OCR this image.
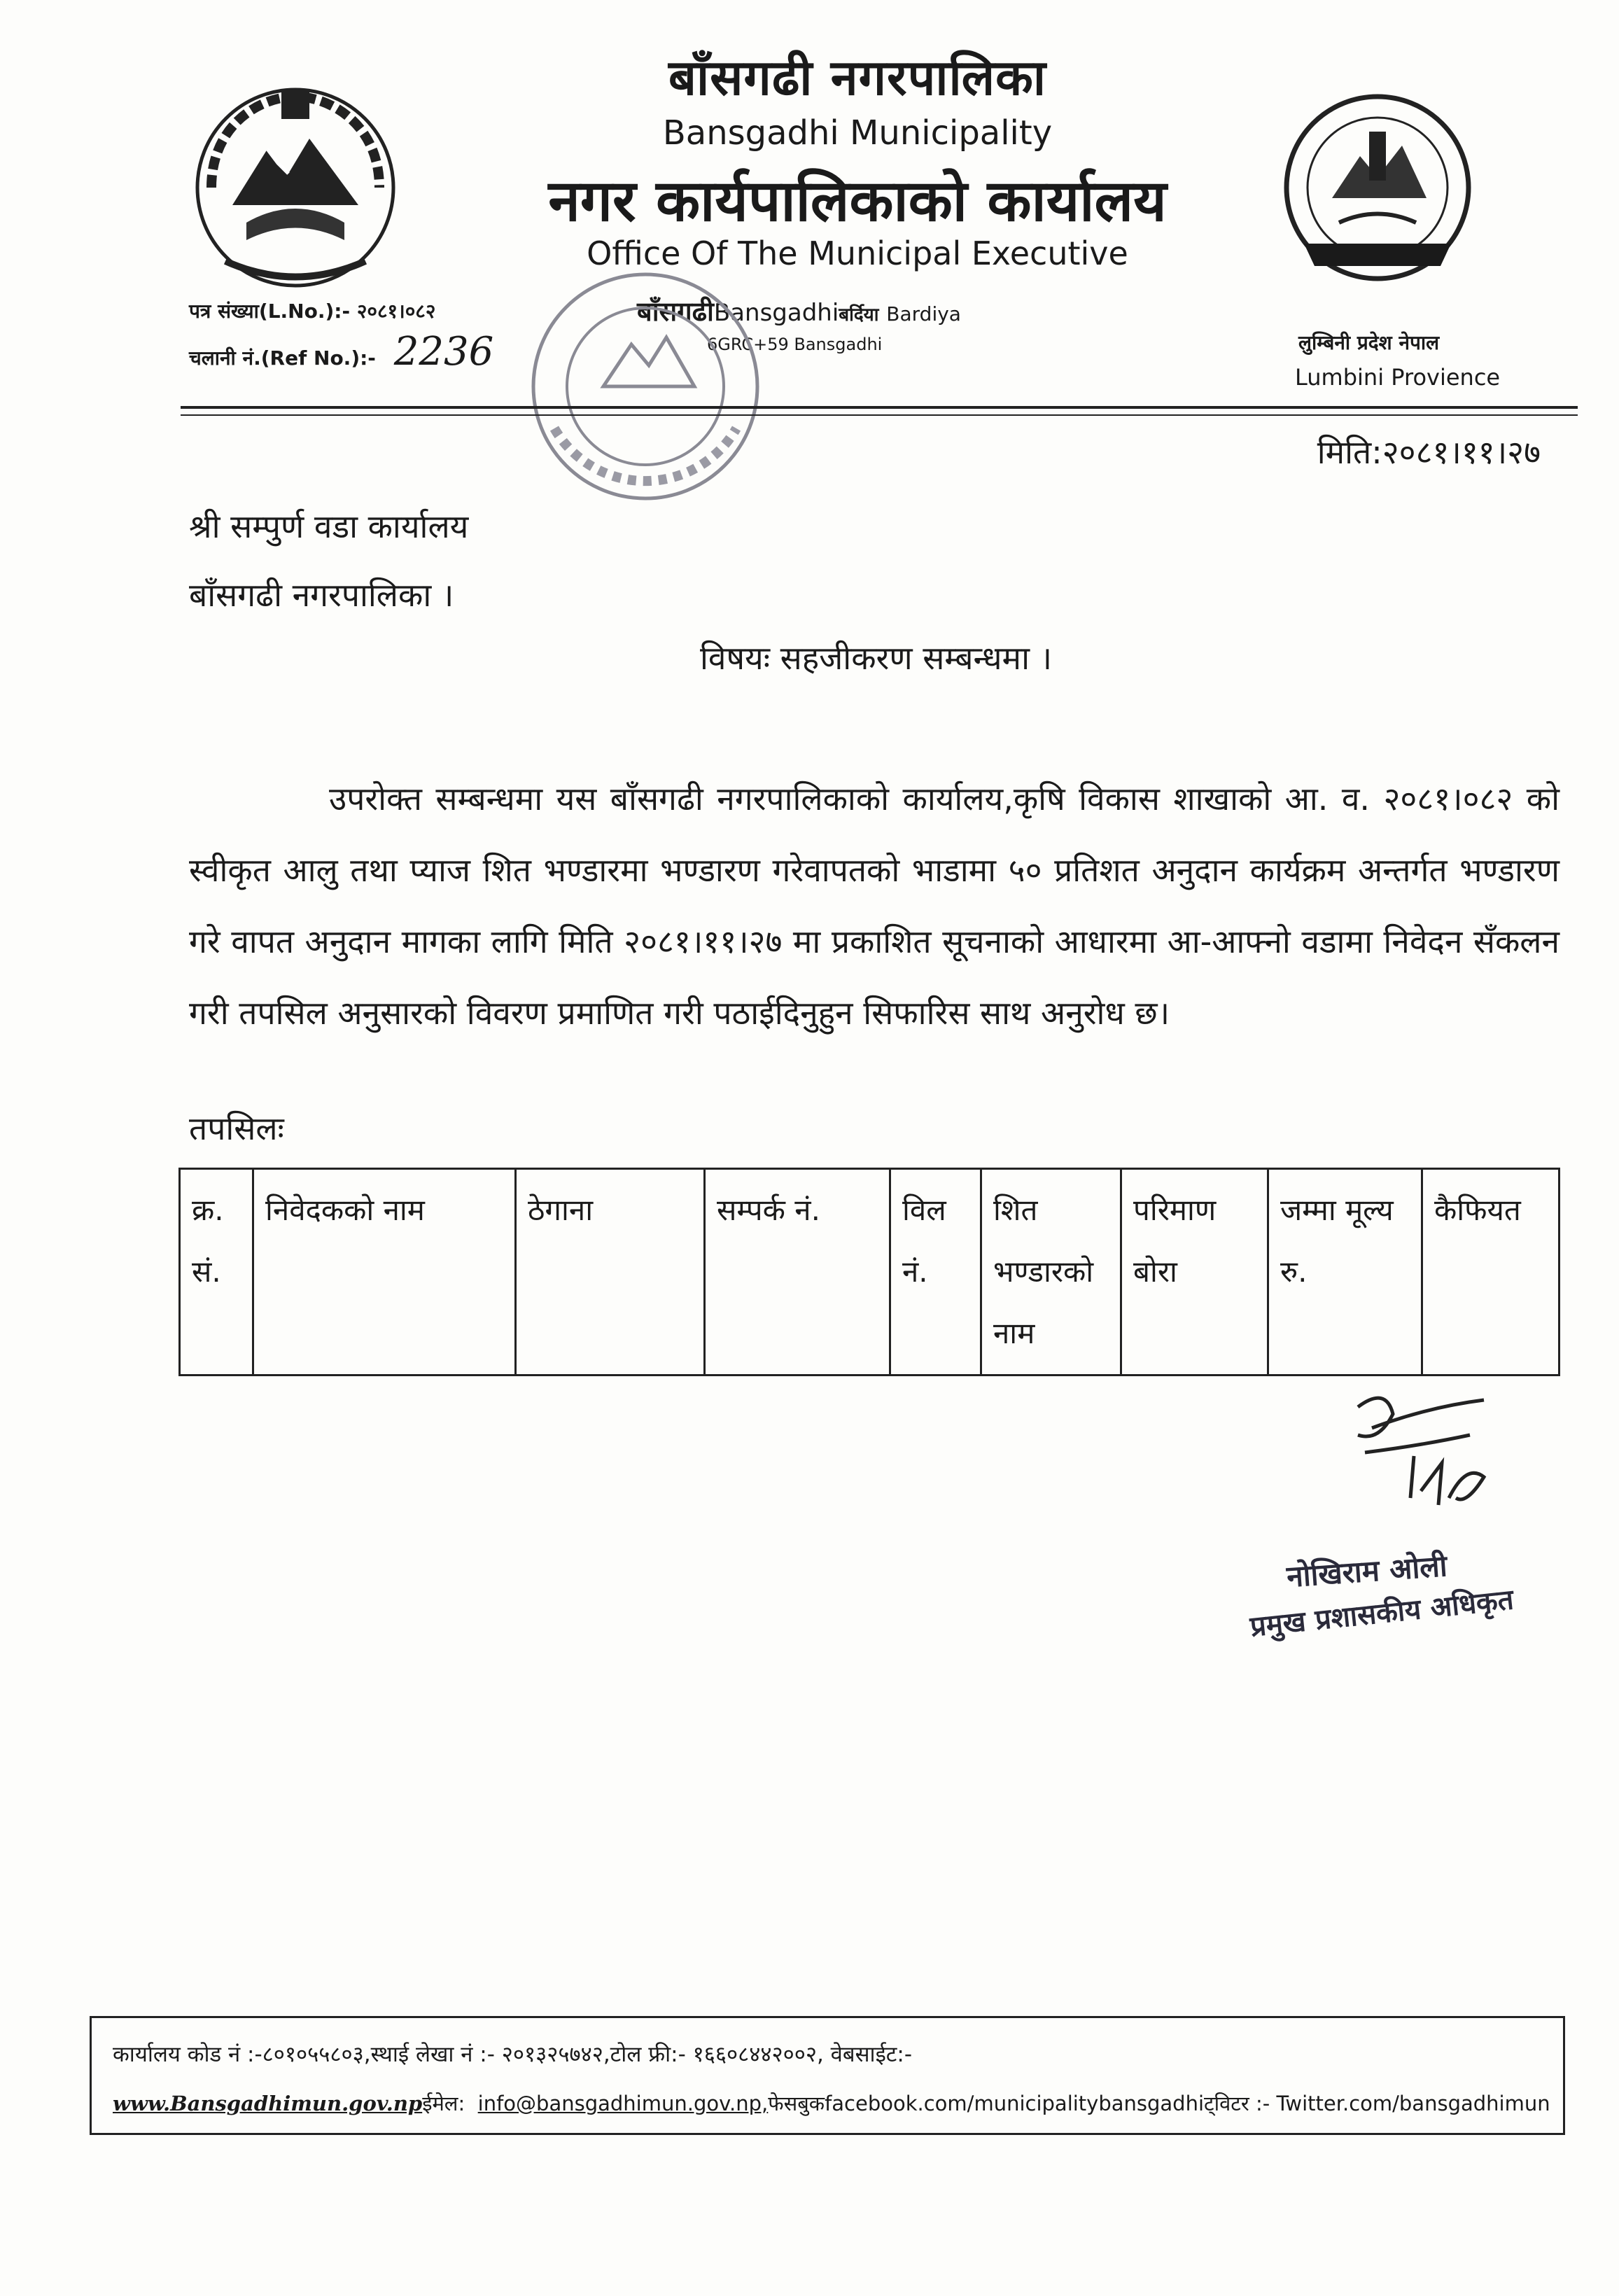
बाँसगढी नगरपालिका
Bansgadhi Municipality
नगर कार्यपालिकाको कार्यालय
Office Of The Municipal Executive
बाँसगढीBansgadhiबर्दिया Bardiya
6GRC+59 Bansgadhi
पत्र संख्या(L.No.):- २०८१।०८२
चलानी नं.(Ref No.):- 2236	लुम्बिनी प्रदेश नेपाल
Lumbini Provience
मिति:२०८१।११।२७
श्री सम्पुर्ण वडा कार्यालय
बाँसगढी नगरपालिका ।
विषयः सहजीकरण सम्बन्धमा ।
उपरोक्त सम्बन्धमा यस बाँसगढी नगरपालिकाको कार्यालय,कृषि विकास शाखाको आ. व. २०८१।०८२ को स्वीकृत आलु तथा प्याज शित भण्डारमा भण्डारण गरेवापतको भाडामा ५० प्रतिशत अनुदान कार्यक्रम अन्तर्गत भण्डारण गरे वापत अनुदान मागका लागि मिति २०८१।११।२७ मा प्रकाशित सूचनाको आधारमा आ-आफ्नो वडामा निवेदन सँकलन गरी तपसिल अनुसारको विवरण प्रमाणित गरी पठाईदिनुहुन सिफारिस साथ अनुरोध छ।
तपसिलः
क्र. सं.	निवेदकको नाम	ठेगाना	सम्पर्क नं.	विल नं.	शित भण्डारको नाम	परिमाण बोरा	जम्मा मूल्य रु.	कैफियत
नोखिराम ओली
प्रमुख प्रशासकीय अधिकृत
कार्यालय कोड नं :-८०१०५५८०३,स्थाई लेखा नं :- २०१३२५७४२,टोल फ्री:- १६६०८४४२००२, वेबसाईट:-
www.Bansgadhimun.gov.npईमेल: info@bansgadhimun.gov.np,फेसबुकfacebook.com/municipalitybansgadhiट्विटर :- Twitter.com/bansgadhimun
